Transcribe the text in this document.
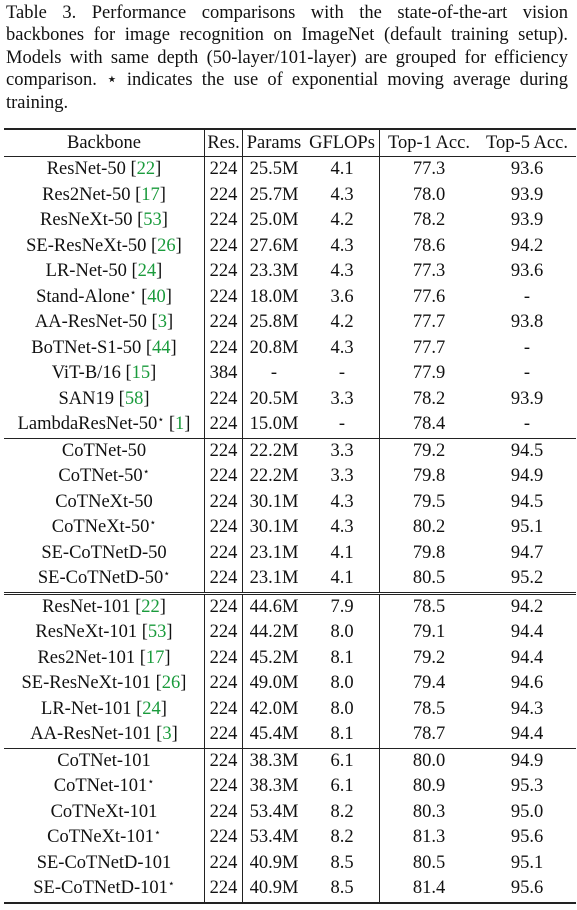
Table 3. Performance comparisons with the state-of-the-art vision backbones for image recognition on ImageNet (default training setup). Models with same depth (50-layer/101-layer) are grouped for efficiency comparison. ⋆ indicates the use of exponential moving average during training.
Backbone	Res.	Params	GFLOPs	Top-1 Acc.	Top-5 Acc.
ResNet-50 [22]	224	25.5M	4.1	77.3	93.6
Res2Net-50 [17]	224	25.7M	4.3	78.0	93.9
ResNeXt-50 [53]	224	25.0M	4.2	78.2	93.9
SE-ResNeXt-50 [26]	224	27.6M	4.3	78.6	94.2
LR-Net-50 [24]	224	23.3M	4.3	77.3	93.6
Stand-Alone⋆ [40]	224	18.0M	3.6	77.6	-
AA-ResNet-50 [3]	224	25.8M	4.2	77.7	93.8
BoTNet-S1-50 [44]	224	20.8M	4.3	77.7	-
ViT-B/16 [15]	384	-	-	77.9	-
SAN19 [58]	224	20.5M	3.3	78.2	93.9
LambdaResNet-50⋆ [1]	224	15.0M	-	78.4	-
CoTNet-50	224	22.2M	3.3	79.2	94.5
CoTNet-50⋆	224	22.2M	3.3	79.8	94.9
CoTNeXt-50	224	30.1M	4.3	79.5	94.5
CoTNeXt-50⋆	224	30.1M	4.3	80.2	95.1
SE-CoTNetD-50	224	23.1M	4.1	79.8	94.7
SE-CoTNetD-50⋆	224	23.1M	4.1	80.5	95.2
ResNet-101 [22]	224	44.6M	7.9	78.5	94.2
ResNeXt-101 [53]	224	44.2M	8.0	79.1	94.4
Res2Net-101 [17]	224	45.2M	8.1	79.2	94.4
SE-ResNeXt-101 [26]	224	49.0M	8.0	79.4	94.6
LR-Net-101 [24]	224	42.0M	8.0	78.5	94.3
AA-ResNet-101 [3]	224	45.4M	8.1	78.7	94.4
CoTNet-101	224	38.3M	6.1	80.0	94.9
CoTNet-101⋆	224	38.3M	6.1	80.9	95.3
CoTNeXt-101	224	53.4M	8.2	80.3	95.0
CoTNeXt-101⋆	224	53.4M	8.2	81.3	95.6
SE-CoTNetD-101	224	40.9M	8.5	80.5	95.1
SE-CoTNetD-101⋆	224	40.9M	8.5	81.4	95.6
